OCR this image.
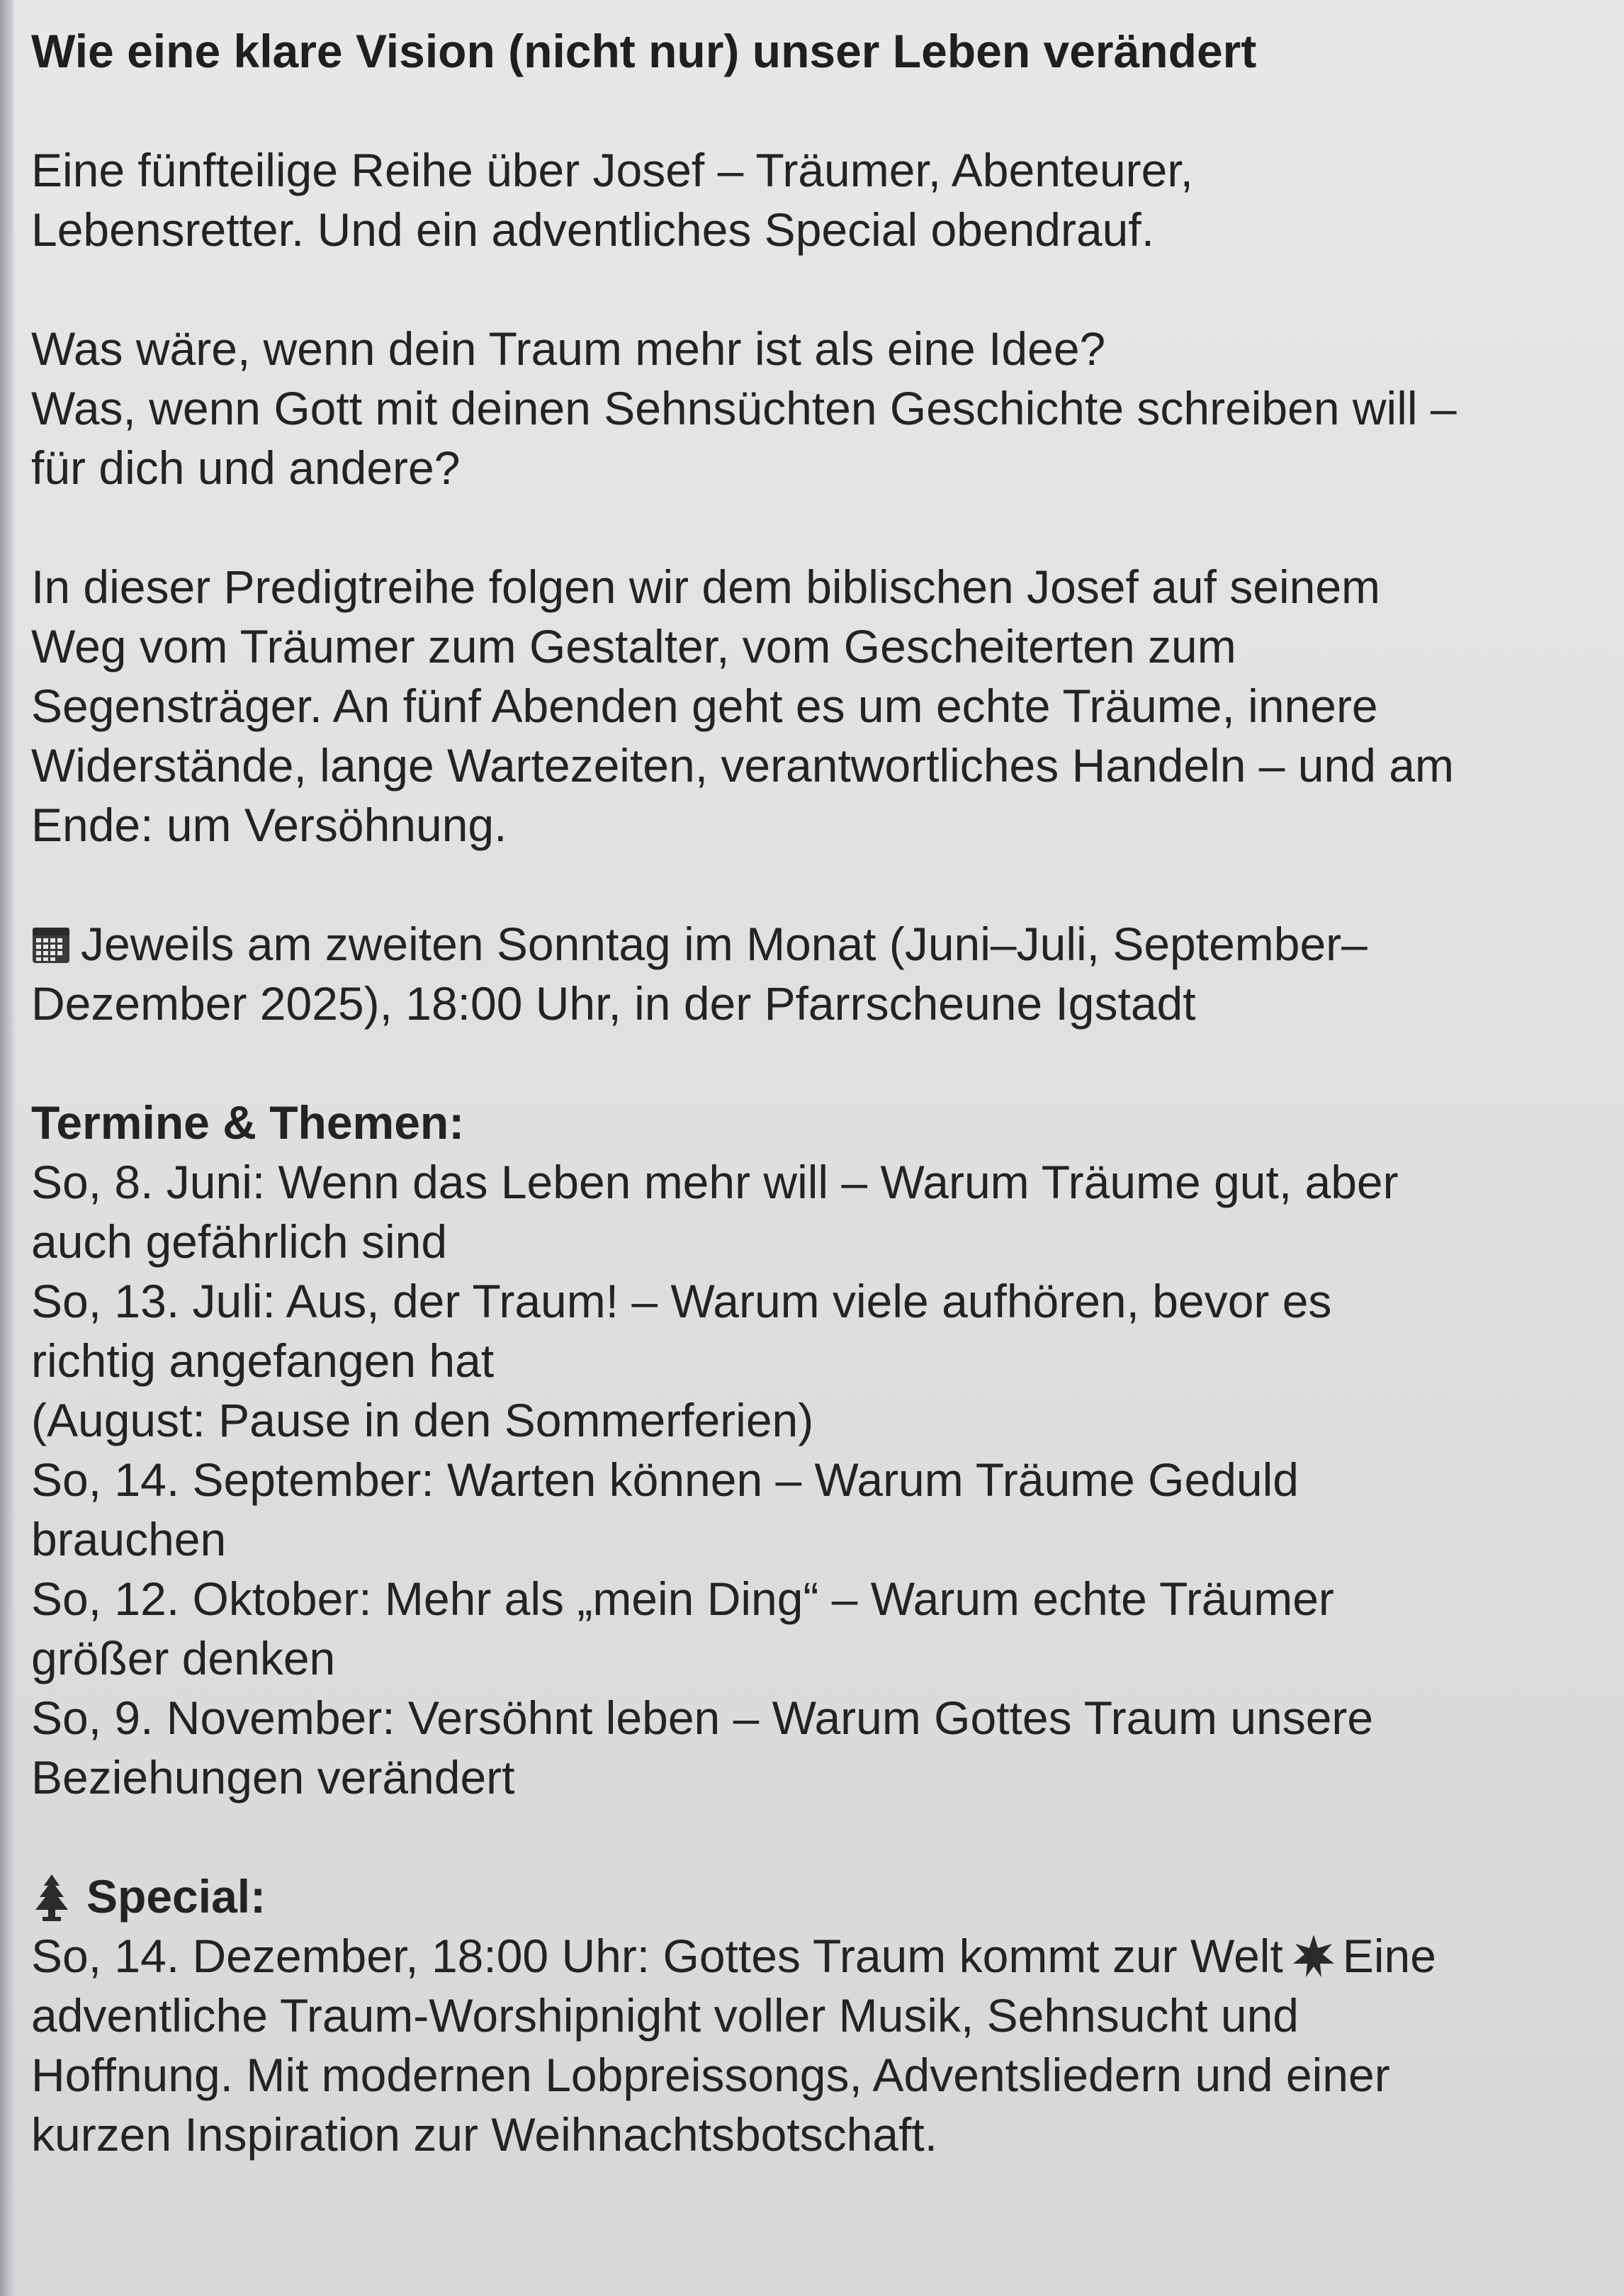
Wie eine klare Vision (nicht nur) unser Leben verändert

Eine fünfteilige Reihe über Josef – Träumer, Abenteurer,
Lebensretter. Und ein adventliches Special obendrauf.

Was wäre, wenn dein Traum mehr ist als eine Idee?
Was, wenn Gott mit deinen Sehnsüchten Geschichte schreiben will –
für dich und andere?

In dieser Predigtreihe folgen wir dem biblischen Josef auf seinem
Weg vom Träumer zum Gestalter, vom Gescheiterten zum
Segensträger. An fünf Abenden geht es um echte Träume, innere
Widerstände, lange Wartezeiten, verantwortliches Handeln – und am
Ende: um Versöhnung.

Jeweils am zweiten Sonntag im Monat (Juni–Juli, September–
Dezember 2025), 18:00 Uhr, in der Pfarrscheune Igstadt

Termine & Themen:

So, 8. Juni: Wenn das Leben mehr will – Warum Träume gut, aber
auch gefährlich sind
So, 13. Juli: Aus, der Traum! – Warum viele aufhören, bevor es
richtig angefangen hat
(August: Pause in den Sommerferien)
So, 14. September: Warten können – Warum Träume Geduld
brauchen
So, 12. Oktober: Mehr als „mein Ding“ – Warum echte Träumer
größer denken
So, 9. November: Versöhnt leben – Warum Gottes Traum unsere
Beziehungen verändert

Special:

So, 14. Dezember, 18:00 Uhr: Gottes Traum kommt zur Welt Eine
adventliche Traum-Worshipnight voller Musik, Sehnsucht und
Hoffnung. Mit modernen Lobpreissongs, Adventsliedern und einer
kurzen Inspiration zur Weihnachtsbotschaft.
